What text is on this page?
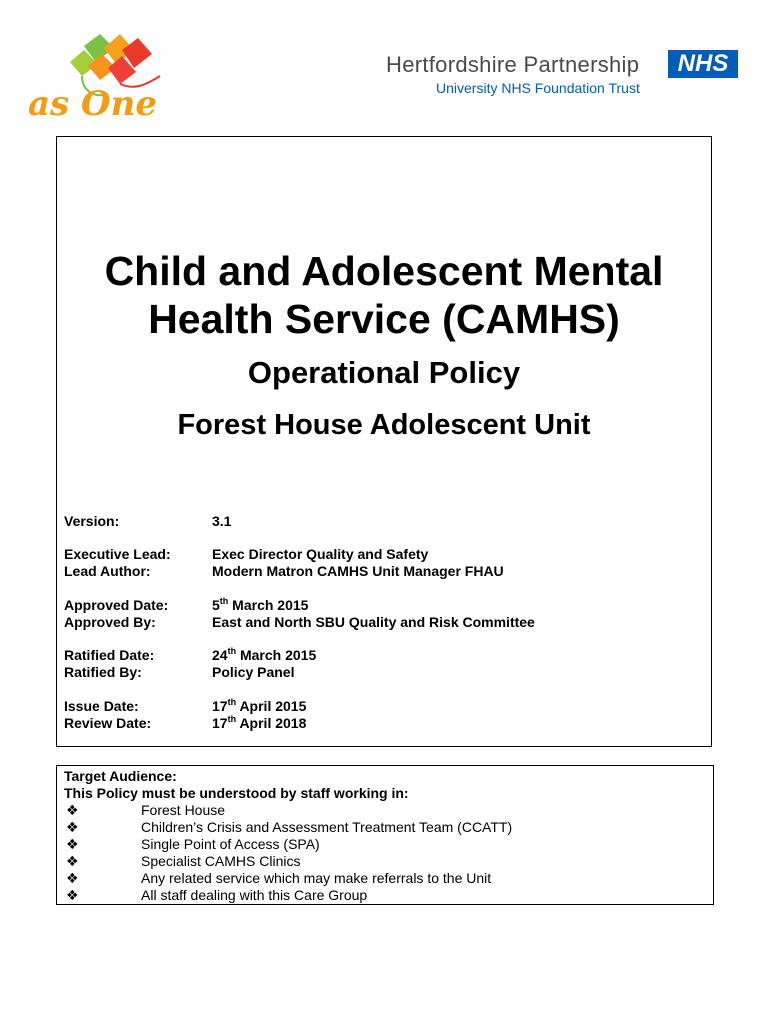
as One
Hertfordshire Partnership
University NHS Foundation Trust
NHS
Child and Adolescent Mental
Health Service (CAMHS)
Operational Policy
Forest House Adolescent Unit
Version:	3.1
Executive Lead:	Exec Director Quality and Safety
Lead Author:	Modern Matron CAMHS Unit Manager FHAU
Approved Date:	5th March 2015
Approved By:	East and North SBU Quality and Risk Committee
Ratified Date:	24th March 2015
Ratified By:	Policy Panel
Issue Date:	17th April 2015
Review Date:	17th April 2018
Target Audience:
This Policy must be understood by staff working in:
❖	Forest House
❖	Children’s Crisis and Assessment Treatment Team (CCATT)
❖	Single Point of Access (SPA)
❖	Specialist CAMHS Clinics
❖	Any related service which may make referrals to the Unit
❖	All staff dealing with this Care Group
